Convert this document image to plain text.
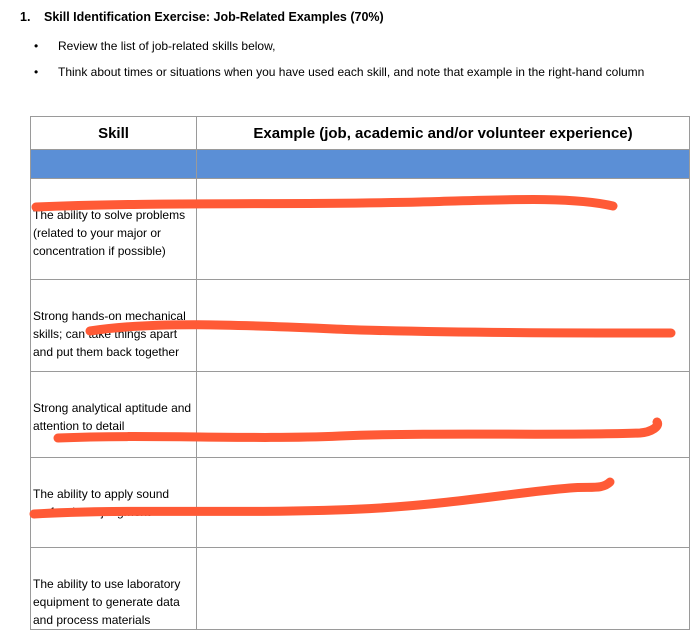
1. Skill Identification Exercise: Job-Related Examples (70%)
• Review the list of job-related skills below,
• Think about times or situations when you have used each skill, and note that example in the right-hand column
Skill	Example (job, academic and/or volunteer experience)

The ability to solve problems (related to your major or concentration if possible)	

Strong hands-on mechanical skills; can take things apart and put them back together	

Strong analytical aptitude and attention to detail	

The ability to apply sound professional judgment	

The ability to use laboratory equipment to generate data and process materials	
